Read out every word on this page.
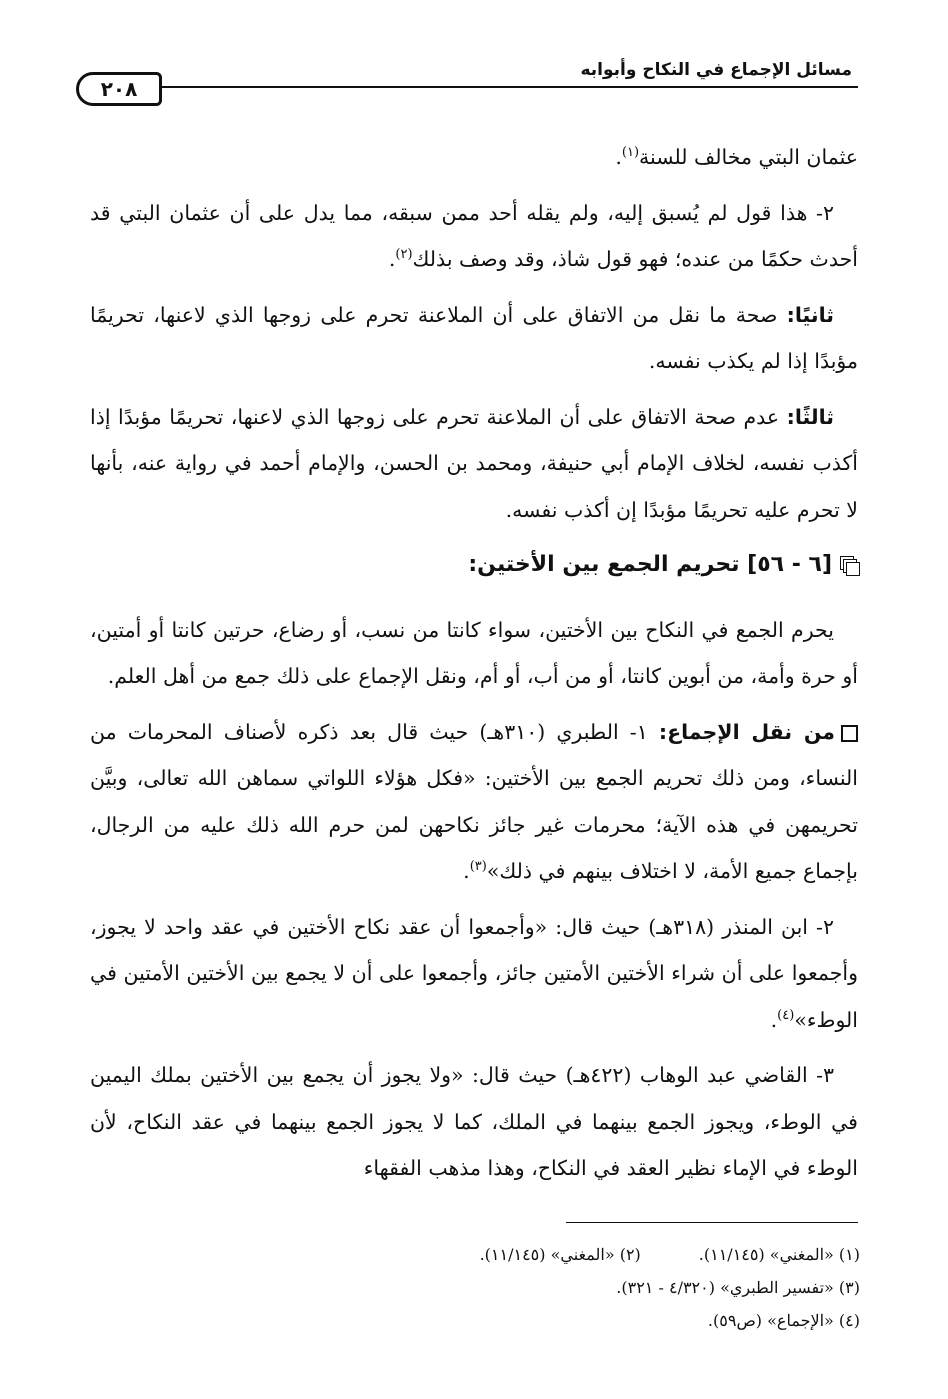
مسائل الإجماع في النكاح وأبوابه
٢٠٨

عثمان البتي مخالف للسنة$^{(١)}$.

٢- هذا قول لم يُسبق إليه، ولم يقله أحد ممن سبقه، مما يدل على أن عثمان البتي قد أحدث حكمًا من عنده؛ فهو قول شاذ، وقد وصف بذلك$^{(٢)}$.

ثانيًا: صحة ما نقل من الاتفاق على أن الملاعنة تحرم على زوجها الذي لاعنها، تحريمًا مؤبدًا إذا لم يكذب نفسه.

ثالثًا: عدم صحة الاتفاق على أن الملاعنة تحرم على زوجها الذي لاعنها، تحريمًا مؤبدًا إذا أكذب نفسه، لخلاف الإمام أبي حنيفة، ومحمد بن الحسن، والإمام أحمد في رواية عنه، بأنها لا تحرم عليه تحريمًا مؤبدًا إن أكذب نفسه.

[٦ - ٥٦] تحريم الجمع بين الأختين:

يحرم الجمع في النكاح بين الأختين، سواء كانتا من نسب، أو رضاع، حرتين كانتا أو أمتين، أو حرة وأمة، من أبوين كانتا، أو من أب، أو أم، ونقل الإجماع على ذلك جمع من أهل العلم.

من نقل الإجماع: ١- الطبري (٣١٠هـ) حيث قال بعد ذكره لأصناف المحرمات من النساء، ومن ذلك تحريم الجمع بين الأختين: «فكل هؤلاء اللواتي سماهن الله تعالى، وبيَّن تحريمهن في هذه الآية؛ محرمات غير جائز نكاحهن لمن حرم الله ذلك عليه من الرجال، بإجماع جميع الأمة، لا اختلاف بينهم في ذلك»$^{(٣)}$.

٢- ابن المنذر (٣١٨هـ) حيث قال: «وأجمعوا أن عقد نكاح الأختين في عقد واحد لا يجوز، وأجمعوا على أن شراء الأختين الأمتين جائز، وأجمعوا على أن لا يجمع بين الأختين الأمتين في الوطء»$^{(٤)}$.

٣- القاضي عبد الوهاب (٤٢٢هـ) حيث قال: «ولا يجوز أن يجمع بين الأختين بملك اليمين في الوطء، ويجوز الجمع بينهما في الملك، كما لا يجوز الجمع بينهما في عقد النكاح، لأن الوطء في الإماء نظير العقد في النكاح، وهذا مذهب الفقهاء

(١) «المغني» (١١/١٤٥).
(٢) «المغني» (١١/١٤٥).
(٣) «تفسير الطبري» (٤/٣٢٠ - ٣٢١).
(٤) «الإجماع» (ص٥٩).
